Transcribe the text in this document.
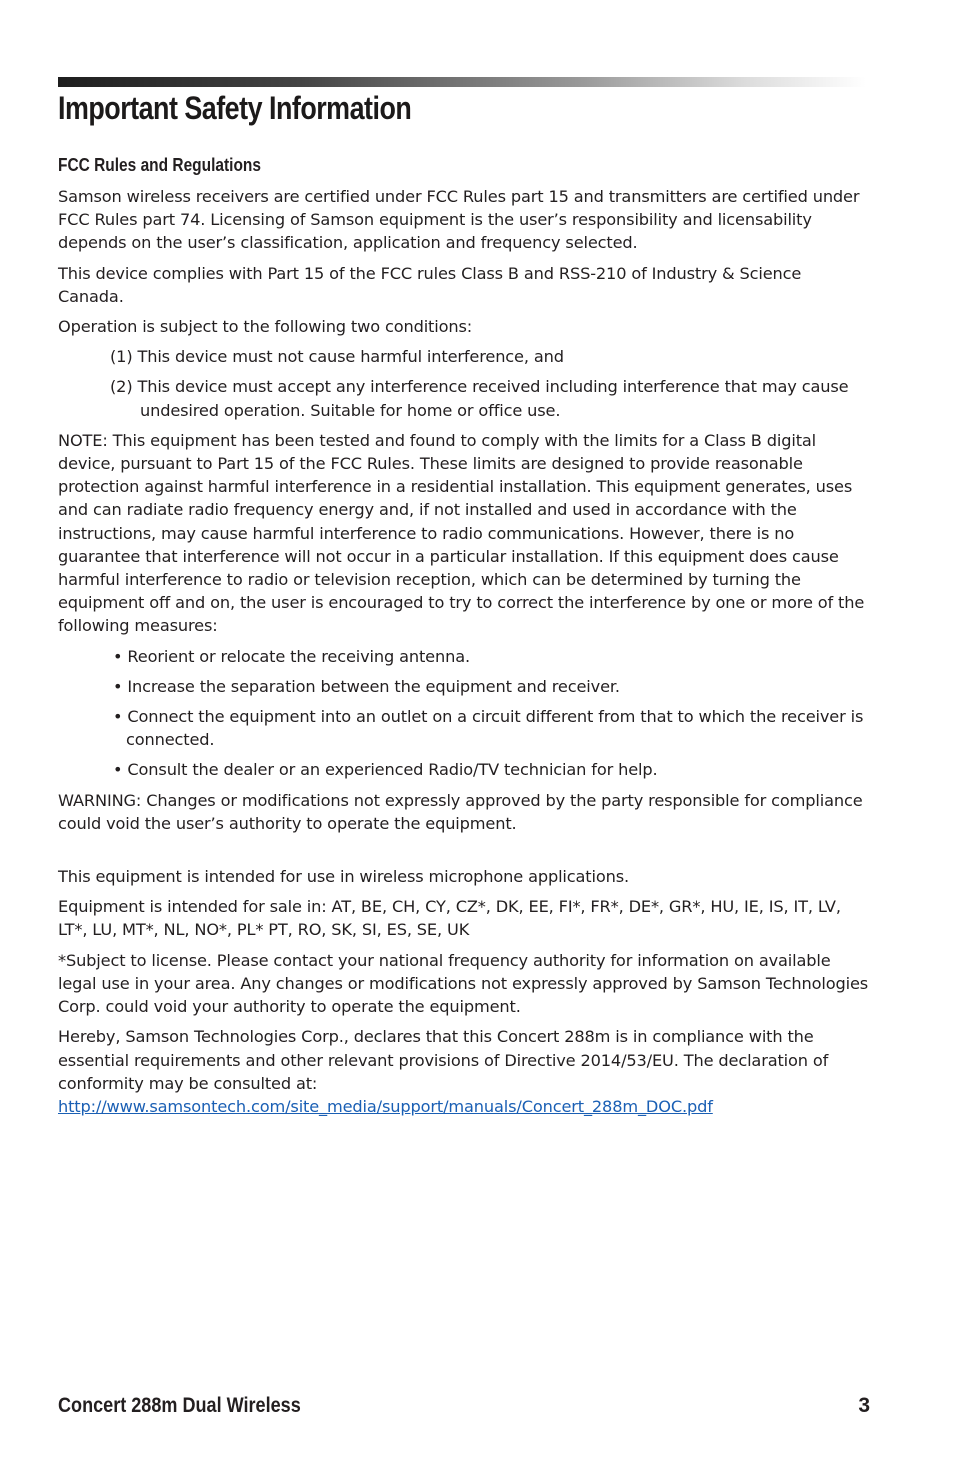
Important Safety Information
FCC Rules and Regulations

Samson wireless receivers are certified under FCC Rules part 15 and transmitters are certified under FCC Rules part 74. Licensing of Samson equipment is the user’s responsibility and licensability depends on the user’s classification, application and frequency selected.

This device complies with Part 15 of the FCC rules Class B and RSS-210 of Industry & Science Canada.

Operation is subject to the following two conditions:

(1) This device must not cause harmful interference, and

(2) This device must accept any interference received including interference that may cause undesired operation. Suitable for home or office use.

NOTE: This equipment has been tested and found to comply with the limits for a Class B digital device, pursuant to Part 15 of the FCC Rules. These limits are designed to provide reasonable protection against harmful interference in a residential installation. This equipment generates, uses and can radiate radio frequency energy and, if not installed and used in accordance with the instructions, may cause harmful interference to radio communications. However, there is no guarantee that interference will not occur in a particular installation. If this equipment does cause harmful interference to radio or television reception, which can be determined by turning the equipment off and on, the user is encouraged to try to correct the interference by one or more of the following measures:

• Reorient or relocate the receiving antenna.

• Increase the separation between the equipment and receiver.

• Connect the equipment into an outlet on a circuit different from that to which the receiver is connected.

• Consult the dealer or an experienced Radio/TV technician for help.

WARNING: Changes or modifications not expressly approved by the party responsible for compliance could void the user’s authority to operate the equipment.

This equipment is intended for use in wireless microphone applications.

Equipment is intended for sale in: AT, BE, CH, CY, CZ*, DK, EE, FI*, FR*, DE*, GR*, HU, IE, IS, IT, LV, LT*, LU, MT*, NL, NO*, PL* PT, RO, SK, SI, ES, SE, UK

*Subject to license. Please contact your national frequency authority for information on available legal use in your area. Any changes or modifications not expressly approved by Samson Technologies Corp. could void your authority to operate the equipment.

Hereby, Samson Technologies Corp., declares that this Concert 288m is in compliance with the essential requirements and other relevant provisions of Directive 2014/53/EU. The declaration of conformity may be consulted at:
http://www.samsontech.com/site_media/support/manuals/Concert_288m_DOC.pdf

Concert 288m Dual Wireless	3
